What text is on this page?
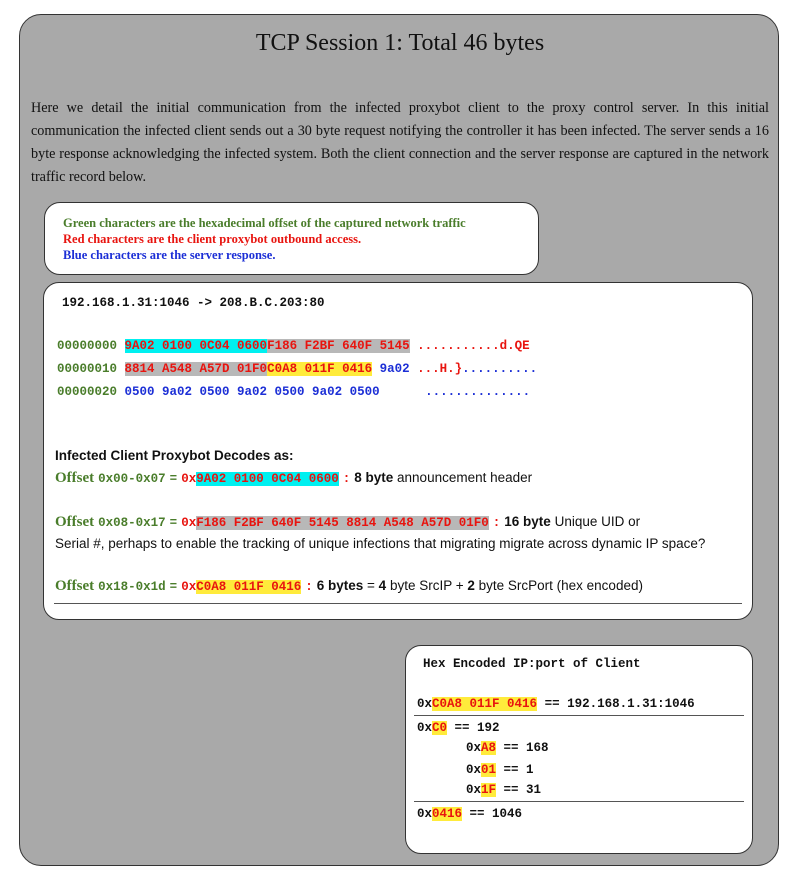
TCP Session 1: Total 46 bytes
Here we detail the initial communication from the infected proxybot client to the proxy control server. In this initial communication the infected client sends out a 30 byte request notifying the controller it has been infected. The server sends a 16 byte response acknowledging the infected system. Both the client connection and the server response are captured in the network traffic record below.
Green characters are the hexadecimal offset of the captured network traffic
Red characters are the client proxybot outbound access.
Blue characters are the server response.
192.168.1.31:1046 -> 208.B.C.203:80
00000000 9A02 0100 0C04 0600F186 F2BF 640F 5145 ...........d.QE
00000010 8814 A548 A57D 01F0C0A8 011F 0416 9a02 ...H.}..........
00000020 0500 9a02 0500 9a02 0500 9a02 0500	..............
Infected Client Proxybot Decodes as:
Offset 0x00-0x07 = 0x9A02 0100 0C04 0600 : 8 byte announcement header
Offset 0x08-0x17 = 0xF186 F2BF 640F 5145 8814 A548 A57D 01F0 : 16 byte Unique UID or
Serial #, perhaps to enable the tracking of unique infections that migrating migrate across dynamic IP space?
Offset 0x18-0x1d = 0xC0A8 011F 0416 : 6 bytes = 4 byte SrcIP + 2 byte SrcPort (hex encoded)
Hex Encoded IP:port of Client
0xC0A8 011F 0416 == 192.168.1.31:1046
0xC0 == 192
0xA8 == 168
0x01 == 1
0x1F == 31
0x0416 == 1046
